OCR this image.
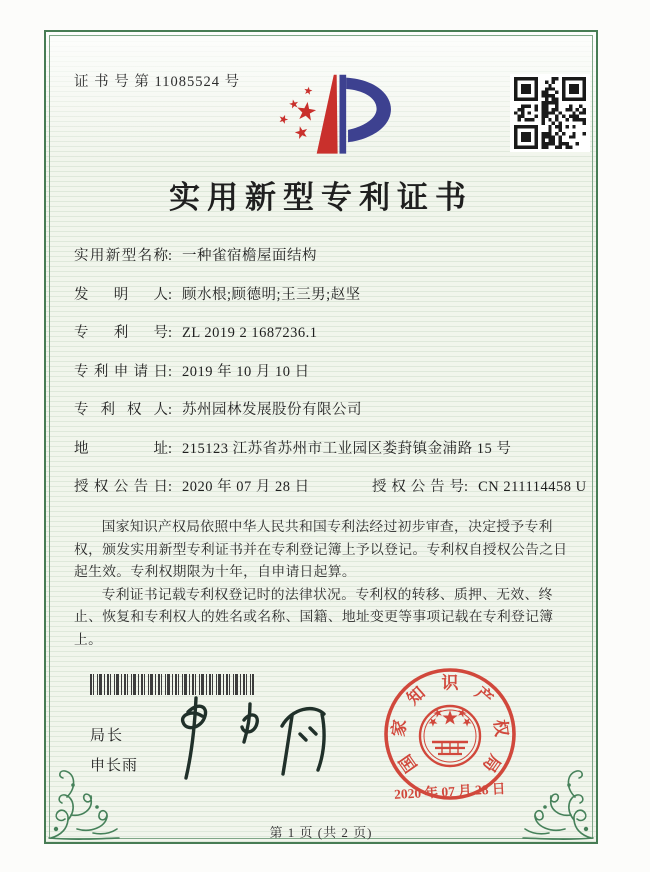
证 书 号 第 11085524 号
实用新型专利证书
实用新型名称 : 一种雀宿檐屋面结构
发明人 : 顾水根;顾德明;王三男;赵坚
专利号 : ZL 2019 2 1687236.1
专利申请日 : 2019 年 10 月 10 日
专利权人 : 苏州园林发展股份有限公司
地址 : 215123 江苏省苏州市工业园区娄葑镇金浦路 15 号
授权公告日 : 2020 年 07 月 28 日	授权公告号 : CN 211114458 U

国家知识产权局依照中华人民共和国专利法经过初步审查，决定授予专利权，颁发实用新型专利证书并在专利登记簿上予以登记。专利权自授权公告之日起生效。专利权期限为十年，自申请日起算。

专利证书记载专利权登记时的法律状况。专利权的转移、质押、无效、终止、恢复和专利权人的姓名或名称、国籍、地址变更等事项记载在专利登记簿上。

局长
申长雨	国
家
知
识
产
权
局
2020 年 07 月 28 日
第 1 页 (共 2 页)
